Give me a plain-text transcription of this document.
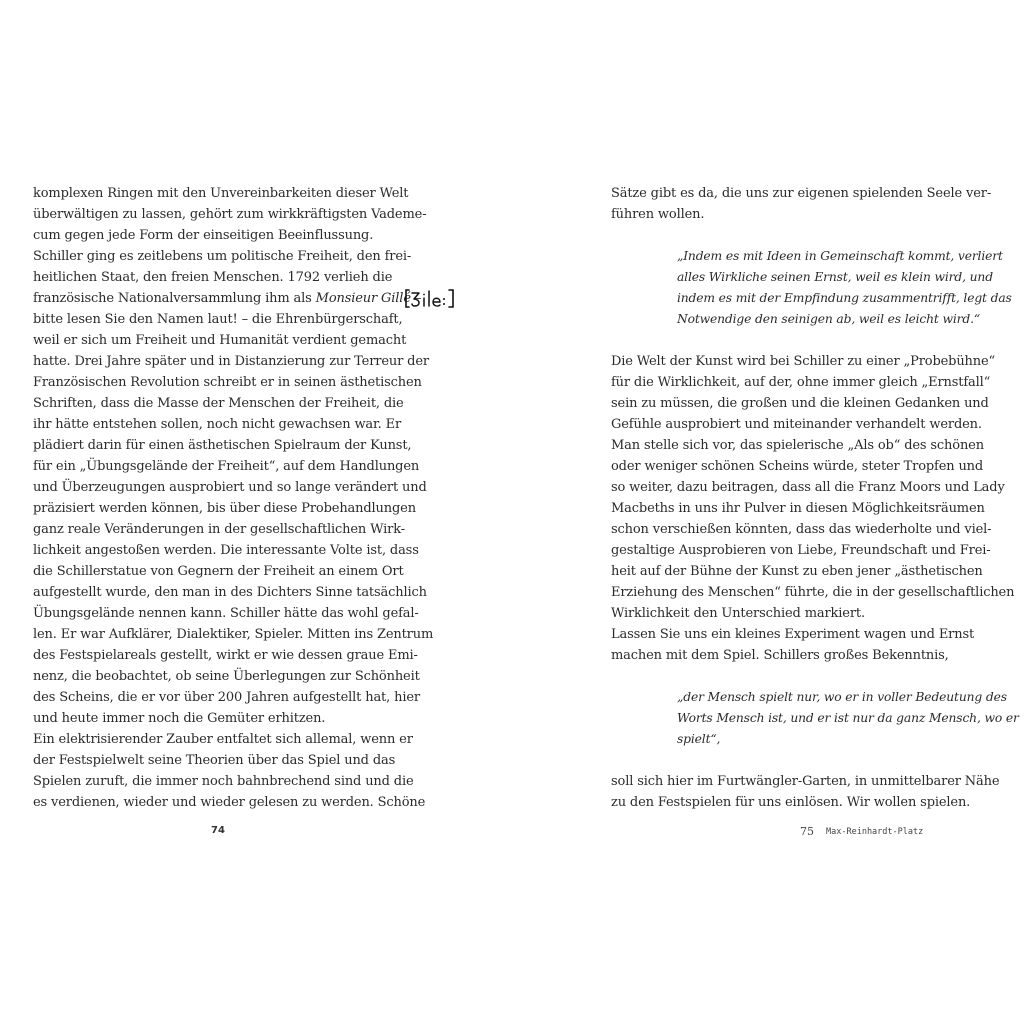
komplexen Ringen mit den Unvereinbarkeiten dieser Welt
überwältigen zu lassen, gehört zum wirkkräftigsten Vademe-
cum gegen jede Form der einseitigen Beeinflussung.
Schiller ging es zeitlebens um politische Freiheit, den frei-
heitlichen Staat, den freien Menschen. 1792 verlieh die
französische Nationalversammlung ihm als Monsieur Gillé –
bitte lesen Sie den Namen laut! – die Ehrenbürgerschaft,
weil er sich um Freiheit und Humanität verdient gemacht
hatte. Drei Jahre später und in Distanzierung zur Terreur der
Französischen Revolution schreibt er in seinen ästhetischen
Schriften, dass die Masse der Menschen der Freiheit, die
ihr hätte entstehen sollen, noch nicht gewachsen war. Er
plädiert darin für einen ästhetischen Spielraum der Kunst,
für ein „Übungsgelände der Freiheit“, auf dem Handlungen
und Überzeugungen ausprobiert und so lange verändert und
präzisiert werden können, bis über diese Probehandlungen
ganz reale Veränderungen in der gesellschaftlichen Wirk-
lichkeit angestoßen werden. Die interessante Volte ist, dass
die Schillerstatue von Gegnern der Freiheit an einem Ort
aufgestellt wurde, den man in des Dichters Sinne tatsächlich
Übungsgelände nennen kann. Schiller hätte das wohl gefal-
len. Er war Aufklärer, Dialektiker, Spieler. Mitten ins Zentrum
des Festspielareals gestellt, wirkt er wie dessen graue Emi-
nenz, die beobachtet, ob seine Überlegungen zur Schönheit
des Scheins, die er vor über 200 Jahren aufgestellt hat, hier
und heute immer noch die Gemüter erhitzen.
Ein elektrisierender Zauber entfaltet sich allemal, wenn er
der Festspielwelt seine Theorien über das Spiel und das
Spielen zuruft, die immer noch bahnbrechend sind und die
es verdienen, wieder und wieder gelesen zu werden. Schöne
74
Sätze gibt es da, die uns zur eigenen spielenden Seele ver-
führen wollen.
„Indem es mit Ideen in Gemeinschaft kommt, verliert
alles Wirkliche seinen Ernst, weil es klein wird, und
indem es mit der Empfindung zusammentrifft, legt das
Notwendige den seinigen ab, weil es leicht wird.“
Die Welt der Kunst wird bei Schiller zu einer „Probebühne“
für die Wirklichkeit, auf der, ohne immer gleich „Ernstfall“
sein zu müssen, die großen und die kleinen Gedanken und
Gefühle ausprobiert und miteinander verhandelt werden.
Man stelle sich vor, das spielerische „Als ob“ des schönen
oder weniger schönen Scheins würde, steter Tropfen und
so weiter, dazu beitragen, dass all die Franz Moors und Lady
Macbeths in uns ihr Pulver in diesen Möglichkeitsräumen
schon verschießen könnten, dass das wiederholte und viel-
gestaltige Ausprobieren von Liebe, Freundschaft und Frei-
heit auf der Bühne der Kunst zu eben jener „ästhetischen
Erziehung des Menschen“ führte, die in der gesellschaftlichen
Wirklichkeit den Unterschied markiert.
Lassen Sie uns ein kleines Experiment wagen und Ernst
machen mit dem Spiel. Schillers großes Bekenntnis,
„der Mensch spielt nur, wo er in voller Bedeutung des
Worts Mensch ist, und er ist nur da ganz Mensch, wo er
spielt“,
soll sich hier im Furtwängler-Garten, in unmittelbarer Nähe
zu den Festspielen für uns einlösen. Wir wollen spielen.
75 Max-Reinhardt-Platz
